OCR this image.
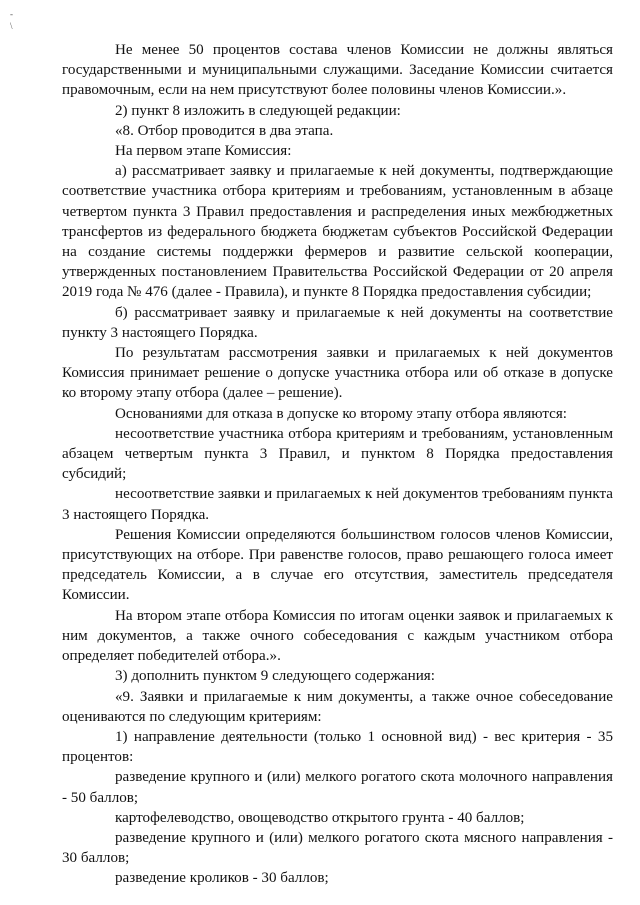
-
\

Не менее 50 процентов состава членов Комиссии не должны являться государственными и муниципальными служащими. Заседание Комиссии считается правомочным, если на нем присутствуют более половины членов Комиссии.».

2) пункт 8 изложить в следующей редакции:

«8. Отбор проводится в два этапа.

На первом этапе Комиссия:

а) рассматривает заявку и прилагаемые к ней документы, подтверждающие соответствие участника отбора критериям и требованиям, установленным в абзаце четвертом пункта 3 Правил предоставления и распределения иных межбюджетных трансфертов из федерального бюджета бюджетам субъектов Российской Федерации на создание системы поддержки фермеров и развитие сельской кооперации, утвержденных постановлением Правительства Российской Федерации от 20 апреля 2019 года № 476 (далее - Правила), и пункте 8 Порядка предоставления субсидии;

б) рассматривает заявку и прилагаемые к ней документы на соответствие пункту 3 настоящего Порядка.

По результатам рассмотрения заявки и прилагаемых к ней документов Комиссия принимает решение о допуске участника отбора или об отказе в допуске ко второму этапу отбора (далее – решение).

Основаниями для отказа в допуске ко второму этапу отбора являются:

несоответствие участника отбора критериям и требованиям, установленным абзацем четвертым пункта 3 Правил, и пунктом 8 Порядка предоставления субсидий;

несоответствие заявки и прилагаемых к ней документов требованиям пункта 3 настоящего Порядка.

Решения Комиссии определяются большинством голосов членов Комиссии, присутствующих на отборе. При равенстве голосов, право решающего голоса имеет председатель Комиссии, а в случае его отсутствия, заместитель председателя Комиссии.

На втором этапе отбора Комиссия по итогам оценки заявок и прилагаемых к ним документов, а также очного собеседования с каждым участником отбора определяет победителей отбора.».

3) дополнить пунктом 9 следующего содержания:

«9. Заявки и прилагаемые к ним документы, а также очное собеседование оцениваются по следующим критериям:

1) направление деятельности (только 1 основной вид) - вес критерия - 35 процентов:

разведение крупного и (или) мелкого рогатого скота молочного направления - 50 баллов;

картофелеводство, овощеводство открытого грунта - 40 баллов;

разведение крупного и (или) мелкого рогатого скота мясного направления - 30 баллов;

разведение кроликов - 30 баллов;
